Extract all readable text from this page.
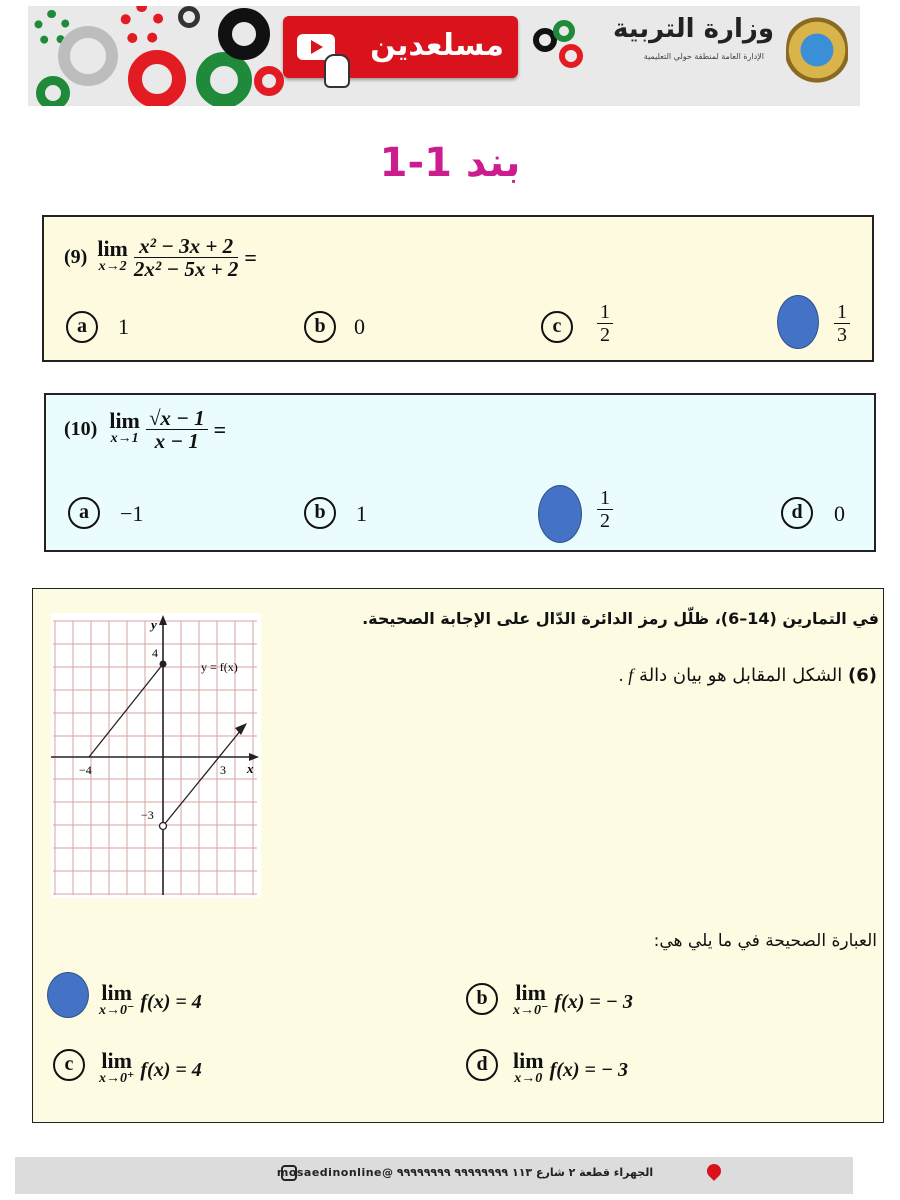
مسلعدين	وزارة التربية
الإدارة العامة لمنطقة حولي التعليمية
بند 1-1
(9) lim
$x\to 2 \frac{\text{x² − 3x + 2}}{\text{2x² − 5x + 2}}$ =
a	1	b	0	c	$\frac{1}{2}$	$\frac{1}{3}$
(10) lim
$x\to 1 \frac{√x - 1}{x - 1}$ =
a	−1	b	1	$\frac{1}{2}$	d	0
y
x
y = f(x)
4
−4	3
−3
في التمارين (14–6)، ظلّل رمز الدائرة الدّال على الإجابة الصحيحة.
(6) الشكل المقابل هو بيان دالة f .
العبارة الصحيحة في ما يلي هي:
lim
x→0⁻ f(x) = 4	b	lim
x→0⁻ f(x) = − 3
c	lim
x→0⁺ f(x) = 4	d	lim
x→0 f(x) = − 3
الجهراء قطعة ٢ شارع ١١٣ ٩٩٩٩٩٩٩٩ ٩٩٩٩٩٩٩٩ @mosaedinonline
